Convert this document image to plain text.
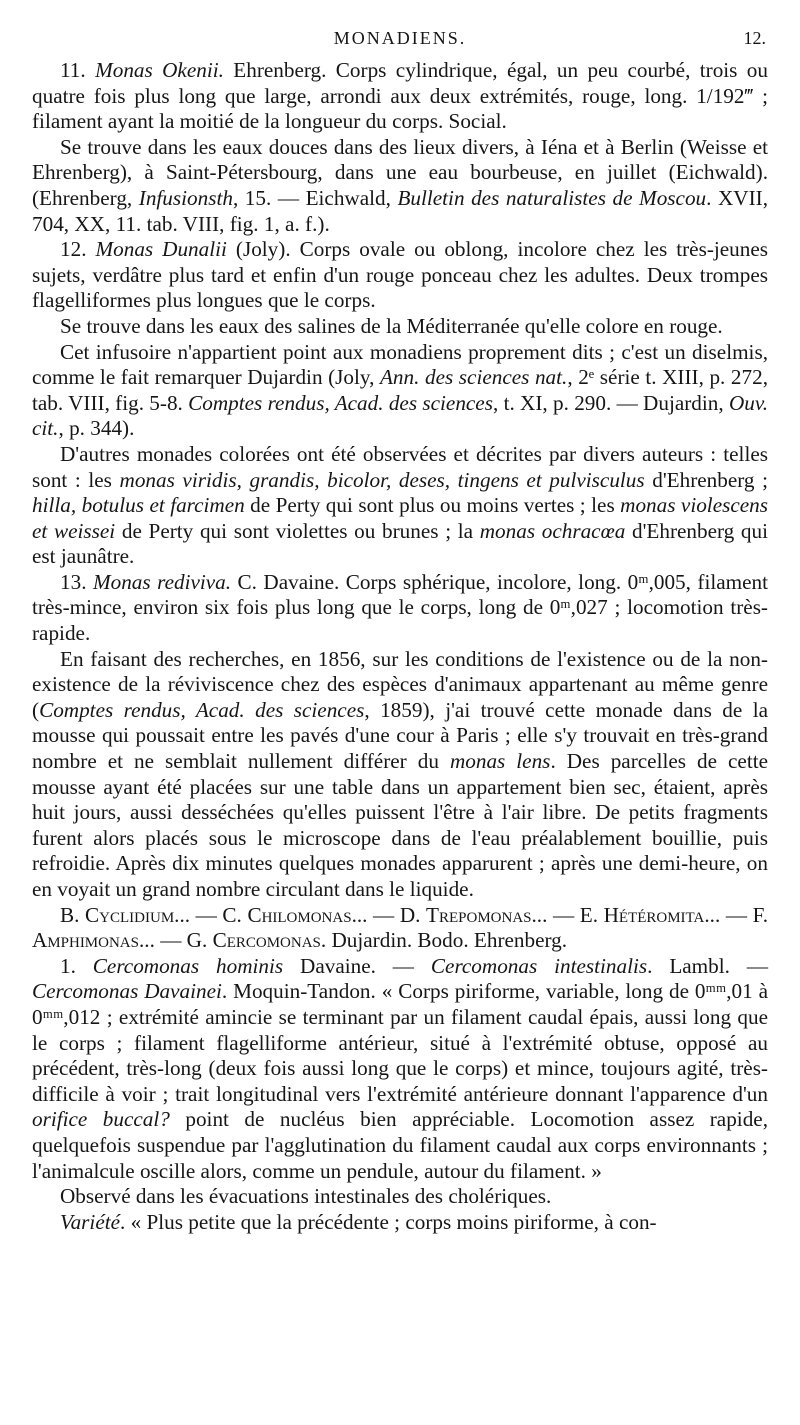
MONADIENS.	12.

11. Monas Okenii. Ehrenberg. Corps cylindrique, égal, un peu courbé, trois ou quatre fois plus long que large, arrondi aux deux extrémités, rouge, long. 1/192‴ ; filament ayant la moitié de la longueur du corps. Social.

Se trouve dans les eaux douces dans des lieux divers, à Iéna et à Berlin (Weisse et Ehrenberg), à Saint-Pétersbourg, dans une eau bourbeuse, en juillet (Eichwald). (Ehrenberg, Infusionsth, 15. — Eichwald, Bulletin des naturalistes de Moscou. XVII, 704, XX, 11. tab. VIII, fig. 1, a. f.).

12. Monas Dunalii (Joly). Corps ovale ou oblong, incolore chez les très-jeunes sujets, verdâtre plus tard et enfin d'un rouge ponceau chez les adultes. Deux trompes flagelliformes plus longues que le corps.

Se trouve dans les eaux des salines de la Méditerranée qu'elle colore en rouge.

Cet infusoire n'appartient point aux monadiens proprement dits ; c'est un diselmis, comme le fait remarquer Dujardin (Joly, Ann. des sciences nat., 2ᵉ série t. XIII, p. 272, tab. VIII, fig. 5-8. Comptes rendus, Acad. des sciences, t. XI, p. 290. — Dujardin, Ouv. cit., p. 344).

D'autres monades colorées ont été observées et décrites par divers auteurs : telles sont : les monas viridis, grandis, bicolor, deses, tingens et pulvisculus d'Ehrenberg ; hilla, botulus et farcimen de Perty qui sont plus ou moins vertes ; les monas violescens et weissei de Perty qui sont violettes ou brunes ; la monas ochracœa d'Ehrenberg qui est jaunâtre.

13. Monas rediviva. C. Davaine. Corps sphérique, incolore, long. 0ᵐ,005, filament très-mince, environ six fois plus long que le corps, long de 0ᵐ,027 ; locomotion très-rapide.

En faisant des recherches, en 1856, sur les conditions de l'existence ou de la non-existence de la réviviscence chez des espèces d'animaux appartenant au même genre (Comptes rendus, Acad. des sciences, 1859), j'ai trouvé cette monade dans de la mousse qui poussait entre les pavés d'une cour à Paris ; elle s'y trouvait en très-grand nombre et ne semblait nullement différer du monas lens. Des parcelles de cette mousse ayant été placées sur une table dans un appartement bien sec, étaient, après huit jours, aussi desséchées qu'elles puissent l'être à l'air libre. De petits fragments furent alors placés sous le microscope dans de l'eau préalablement bouillie, puis refroidie. Après dix minutes quelques monades apparurent ; après une demi-heure, on en voyait un grand nombre circulant dans le liquide.

B. Cyclidium... — C. Chilomonas... — D. Trepomonas... — E. Hétéromita... — F. Amphimonas... — G. Cercomonas. Dujardin. Bodo. Ehrenberg.

1. Cercomonas hominis Davaine. — Cercomonas intestinalis. Lambl. — Cercomonas Davainei. Moquin-Tandon. « Corps piriforme, variable, long de 0ᵐᵐ,01 à 0ᵐᵐ,012 ; extrémité amincie se terminant par un filament caudal épais, aussi long que le corps ; filament flagelliforme antérieur, situé à l'extrémité obtuse, opposé au précédent, très-long (deux fois aussi long que le corps) et mince, toujours agité, très-difficile à voir ; trait longitudinal vers l'extrémité antérieure donnant l'apparence d'un orifice buccal? point de nucléus bien appréciable. Locomotion assez rapide, quelquefois suspendue par l'agglutination du filament caudal aux corps environnants ; l'animalcule oscille alors, comme un pendule, autour du filament. »

Observé dans les évacuations intestinales des cholériques.

Variété. « Plus petite que la précédente ; corps moins piriforme, à con-
